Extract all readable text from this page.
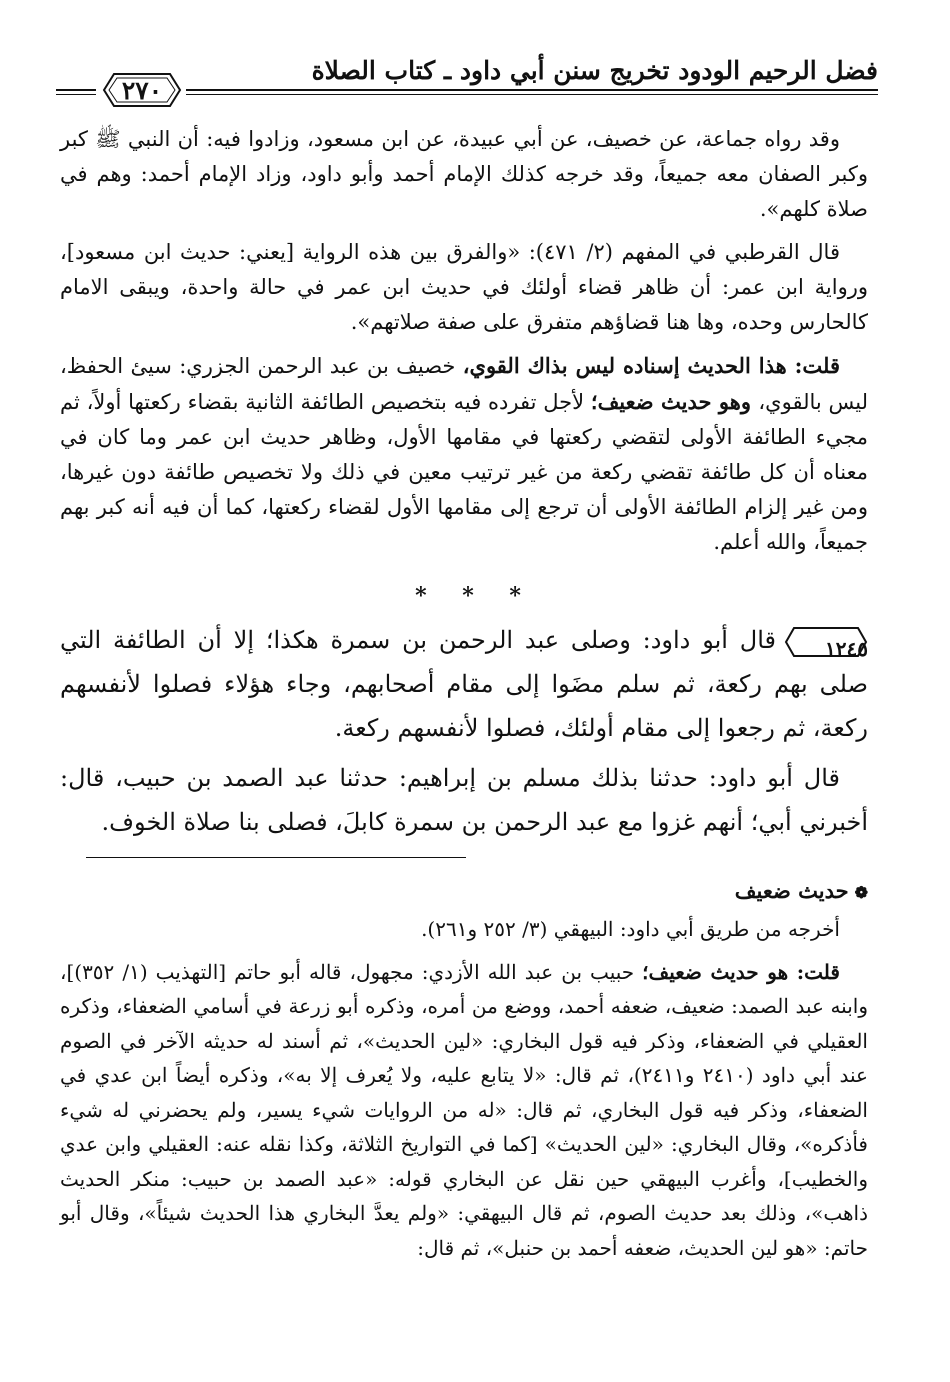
فضل الرحيم الودود تخريج سنن أبي داود ـ كتاب الصلاة
٢٧٠

وقد رواه جماعة، عن خصيف، عن أبي عبيدة، عن ابن مسعود، وزادوا فيه: أن النبي ﷺ كبر وكبر الصفان معه جميعاً، وقد خرجه كذلك الإمام أحمد وأبو داود، وزاد الإمام أحمد: وهم في صلاة كلهم».

قال القرطبي في المفهم (٢/ ٤٧١): «والفرق بين هذه الرواية [يعني: حديث ابن مسعود]، ورواية ابن عمر: أن ظاهر قضاء أولئك في حديث ابن عمر في حالة واحدة، ويبقى الامام كالحارس وحده، وها هنا قضاؤهم متفرق على صفة صلاتهم».

قلت: هذا الحديث إسناده ليس بذاك القوي، خصيف بن عبد الرحمن الجزري: سيئ الحفظ، ليس بالقوي، وهو حديث ضعيف؛ لأجل تفرده فيه بتخصيص الطائفة الثانية بقضاء ركعتها أولاً، ثم مجيء الطائفة الأولى لتقضي ركعتها في مقامها الأول، وظاهر حديث ابن عمر وما كان في معناه أن كل طائفة تقضي ركعة من غير ترتيب معين في ذلك ولا تخصيص طائفة دون غيرها، ومن غير إلزام الطائفة الأولى أن ترجع إلى مقامها الأول لقضاء ركعتها، كما أن فيه أنه كبر بهم جميعاً، والله أعلم.

* * *

١٢٤٥
قال أبو داود: وصلى عبد الرحمن بن سمرة هكذا؛ إلا أن الطائفة التي صلى بهم ركعة، ثم سلم مضَوا إلى مقام أصحابهم، وجاء هؤلاء فصلوا لأنفسهم ركعة، ثم رجعوا إلى مقام أولئك، فصلوا لأنفسهم ركعة.

قال أبو داود: حدثنا بذلك مسلم بن إبراهيم: حدثنا عبد الصمد بن حبيب، قال: أخبرني أبي؛ أنهم غزوا مع عبد الرحمن بن سمرة كابلَ، فصلى بنا صلاة الخوف.

❁حديث ضعيف

أخرجه من طريق أبي داود: البيهقي (٣/ ٢٥٢ و٢٦١).

قلت: هو حديث ضعيف؛ حبيب بن عبد الله الأزدي: مجهول، قاله أبو حاتم [التهذيب (١/ ٣٥٢)]، وابنه عبد الصمد: ضعيف، ضعفه أحمد، ووضع من أمره، وذكره أبو زرعة في أسامي الضعفاء، وذكره العقيلي في الضعفاء، وذكر فيه قول البخاري: «لين الحديث»، ثم أسند له حديثه الآخر في الصوم عند أبي داود (٢٤١٠ و٢٤١١)، ثم قال: «لا يتابع عليه، ولا يُعرف إلا به»، وذكره أيضاً ابن عدي في الضعفاء، وذكر فيه قول البخاري، ثم قال: «له من الروايات شيء يسير، ولم يحضرني له شيء فأذكره»، وقال البخاري: «لين الحديث» [كما في التواريخ الثلاثة، وكذا نقله عنه: العقيلي وابن عدي والخطيب]، وأغرب البيهقي حين نقل عن البخاري قوله: «عبد الصمد بن حبيب: منكر الحديث ذاهب»، وذلك بعد حديث الصوم، ثم قال البيهقي: «ولم يعدَّ البخاري هذا الحديث شيئاً»، وقال أبو حاتم: «هو لين الحديث، ضعفه أحمد بن حنبل»، ثم قال:
